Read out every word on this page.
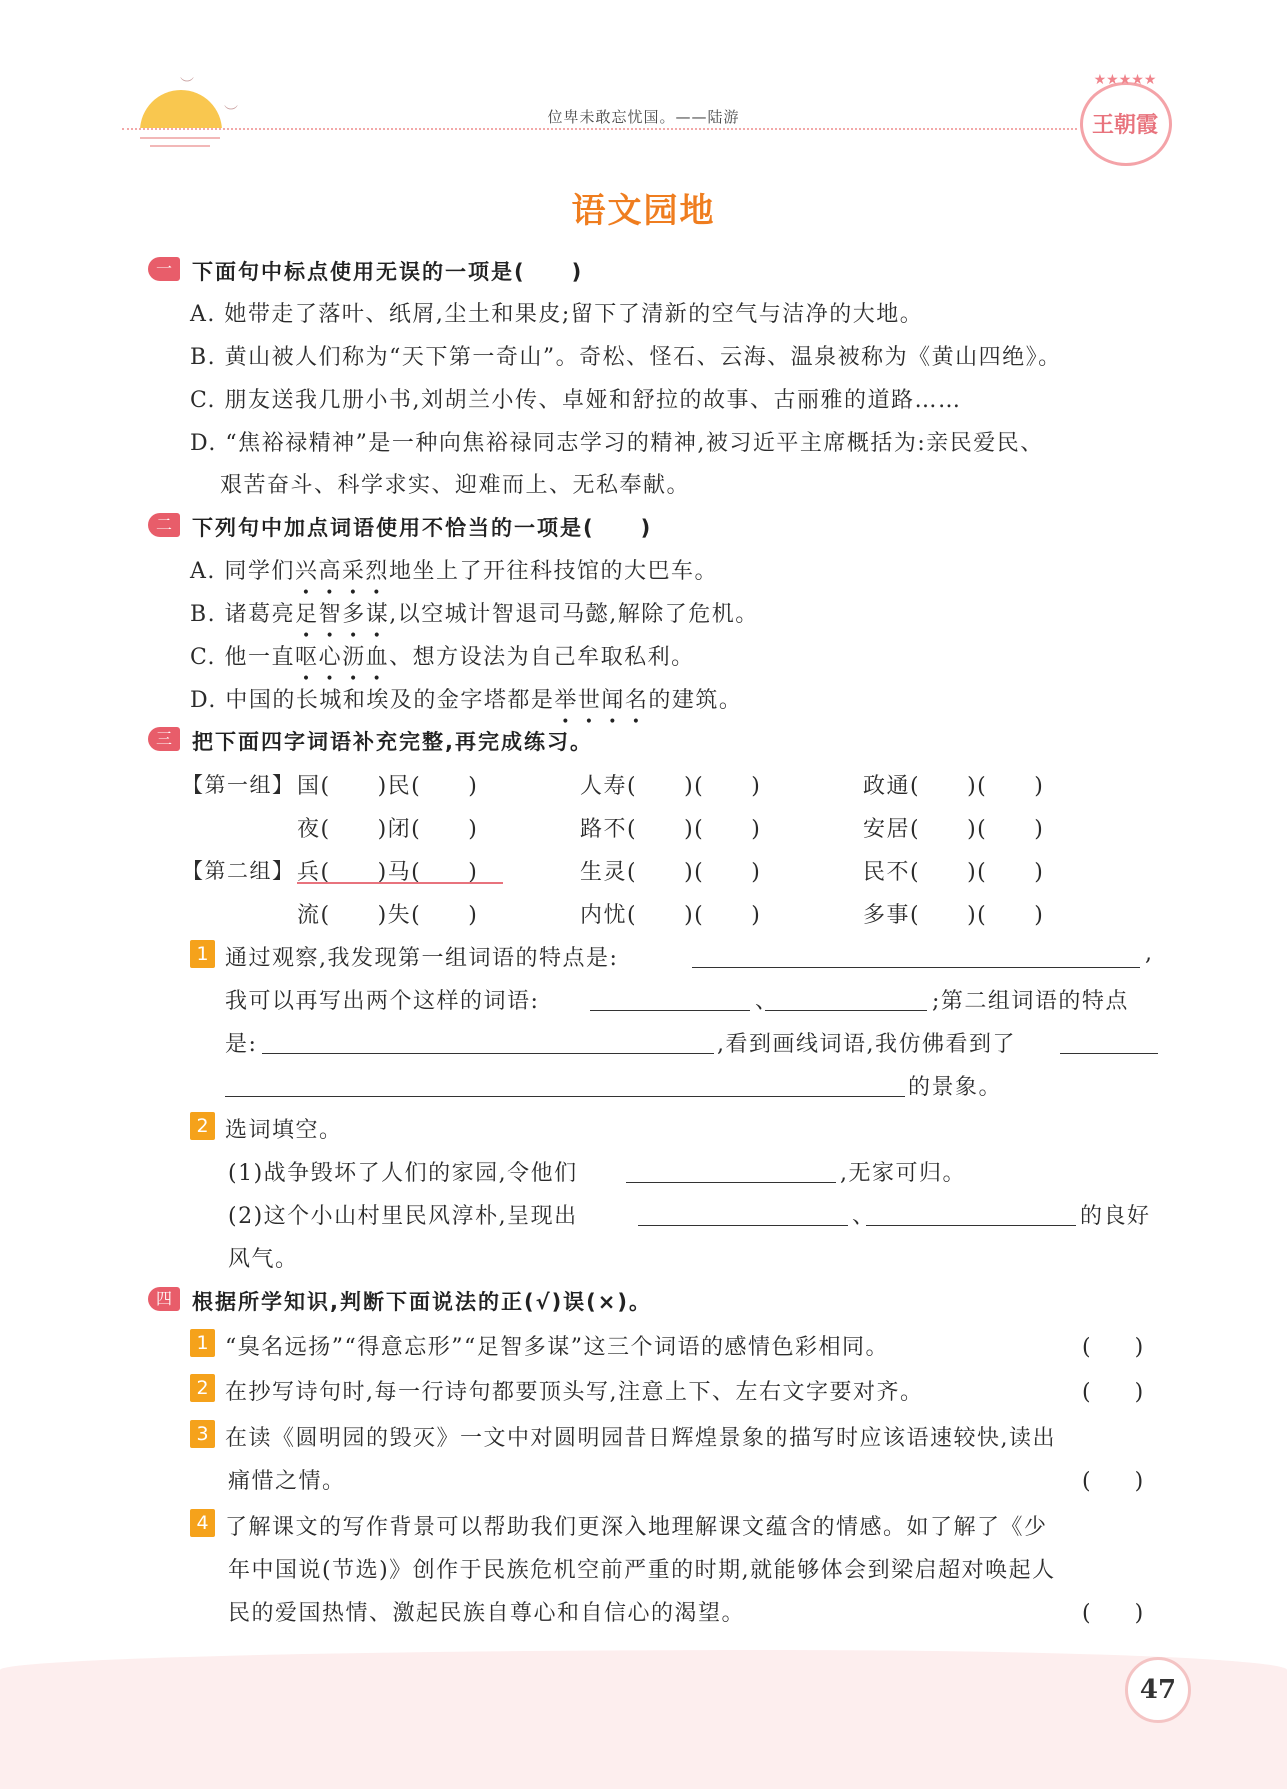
︶
︶	位卑未敢忘忧国。——陆游
★★★★★
王朝霞
语文园地
一 下面句中标点使用无误的一项是(　　)
A. 她带走了落叶、纸屑,尘土和果皮;留下了清新的空气与洁净的大地。
B. 黄山被人们称为“天下第一奇山”。奇松、怪石、云海、温泉被称为《黄山四绝》。
C. 朋友送我几册小书,刘胡兰小传、卓娅和舒拉的故事、古丽雅的道路……
D. “焦裕禄精神”是一种向焦裕禄同志学习的精神,被习近平主席概括为:亲民爱民、
艰苦奋斗、科学求实、迎难而上、无私奉献。
二 下列句中加点词语使用不恰当的一项是(　　)
A. 同学们兴高采烈地坐上了开往科技馆的大巴车。
B. 诸葛亮足智多谋,以空城计智退司马懿,解除了危机。
C. 他一直呕心沥血、想方设法为自己牟取私利。
D. 中国的长城和埃及的金字塔都是举世闻名的建筑。
三 把下面四字词语补充完整,再完成练习。
【第一组】 国(　　)民(　　)	人寿(　　)(　　)	政通(　　)(　　)
夜(　　)闭(　　)	路不(　　)(　　)	安居(　　)(　　)
【第二组】 兵(　　)马(　　)	生灵(　　)(　　)	民不(　　)(　　)
流(　　)失(　　)	内忧(　　)(　　)	多事(　　)(　　)
1 通过观察,我发现第一组词语的特点是:	,
我可以再写出两个这样的词语:	、	;第二组词语的特点
是:	,看到画线词语,我仿佛看到了
的景象。
2 选词填空。
(1)战争毁坏了人们的家园,令他们	,无家可归。
(2)这个小山村里民风淳朴,呈现出	、	的良好
风气。
四 根据所学知识,判断下面说法的正(√)误(×)。
1 “臭名远扬”“得意忘形”“足智多谋”这三个词语的感情色彩相同。	(　　)
2 在抄写诗句时,每一行诗句都要顶头写,注意上下、左右文字要对齐。	(　　)
3 在读《圆明园的毁灭》一文中对圆明园昔日辉煌景象的描写时应该语速较快,读出
痛惜之情。	(　　)
4 了解课文的写作背景可以帮助我们更深入地理解课文蕴含的情感。如了解了《少
年中国说(节选)》创作于民族危机空前严重的时期,就能够体会到梁启超对唤起人
民的爱国热情、激起民族自尊心和自信心的渴望。	(　　)
47
